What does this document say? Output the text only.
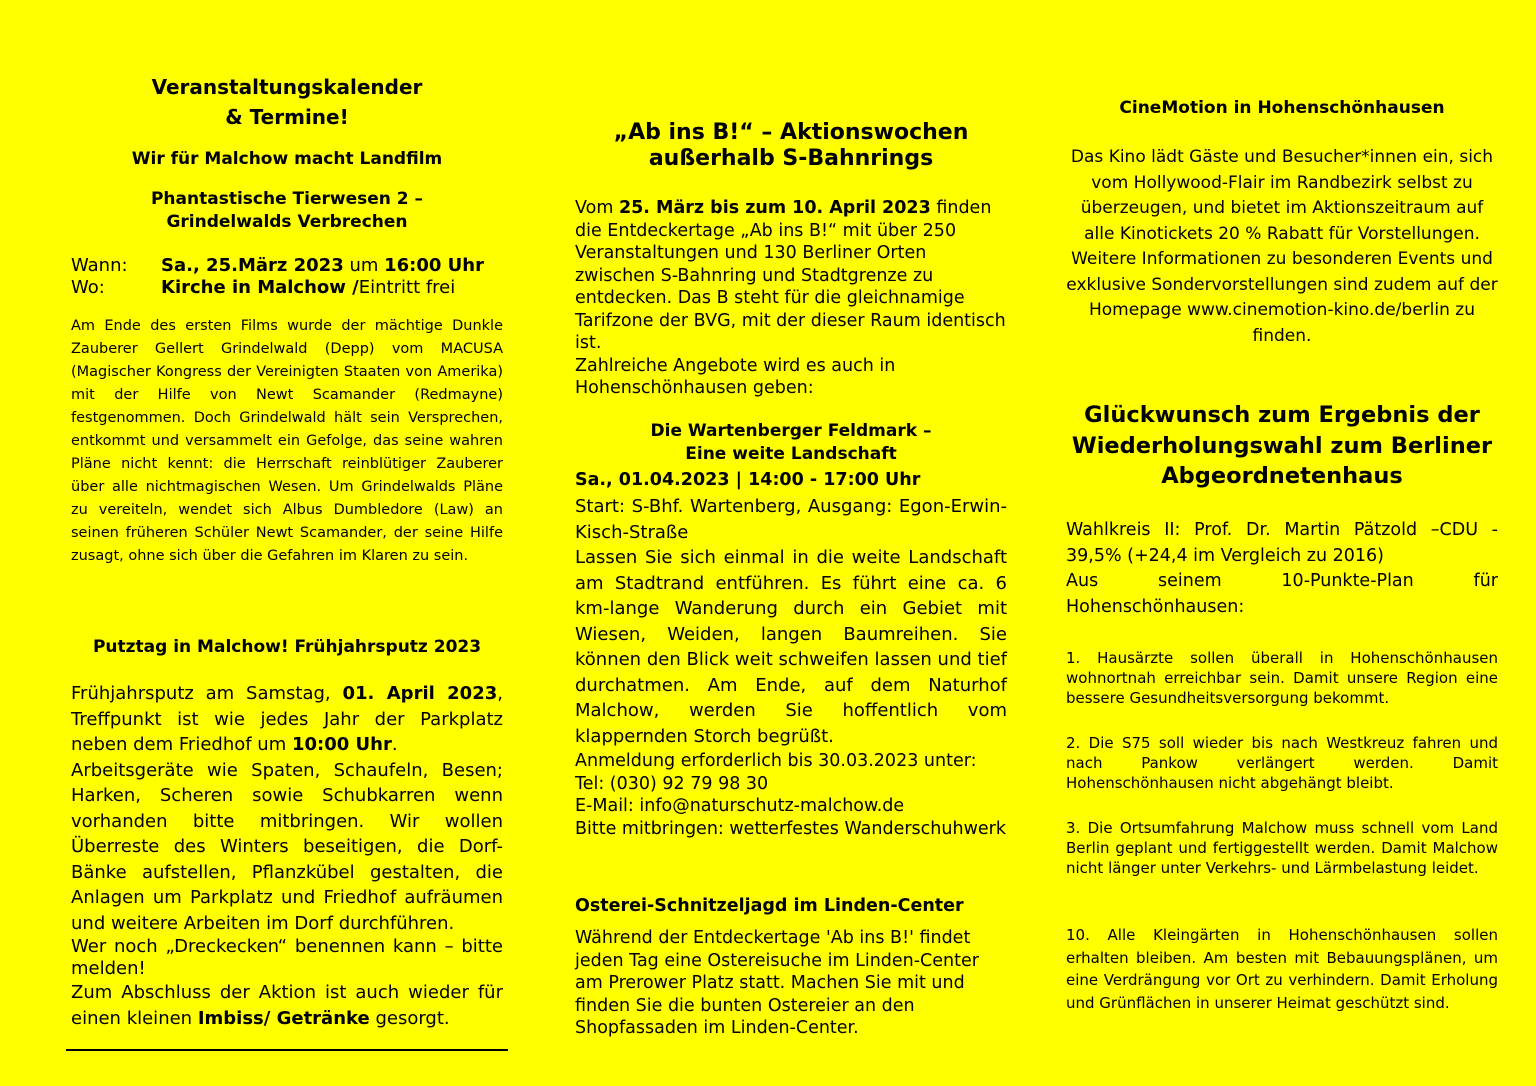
Veranstaltungskalender
& Termine!
Wir für Malchow macht Landfilm
Phantastische Tierwesen 2 –
Grindelwalds Verbrechen
Wann:	Sa., 25.März 2023 um 16:00 Uhr
Wo:	Kirche in Malchow /Eintritt frei

Am Ende des ersten Films wurde der mächtige Dunkle Zauberer Gellert Grindelwald (Depp) vom MACUSA (Magischer Kongress der Vereinigten Staaten von Amerika) mit der Hilfe von Newt Scamander (Redmayne) festgenommen. Doch Grindelwald hält sein Versprechen, entkommt und versammelt ein Gefolge, das seine wahren Pläne nicht kennt: die Herrschaft reinblütiger Zauberer über alle nichtmagischen Wesen. Um Grindelwalds Pläne zu vereiteln, wendet sich Albus Dumbledore (Law) an seinen früheren Schüler Newt Scamander, der seine Hilfe zusagt, ohne sich über die Gefahren im Klaren zu sein.

Putztag in Malchow! Frühjahrsputz 2023

Frühjahrsputz am Samstag, 01. April 2023, Treffpunkt ist wie jedes Jahr der Parkplatz neben dem Friedhof um 10:00 Uhr.

Arbeitsgeräte wie Spaten, Schaufeln, Besen; Harken, Scheren sowie Schubkarren wenn vorhanden bitte mitbringen. Wir wollen Überreste des Winters beseitigen, die Dorf-Bänke aufstellen, Pflanzkübel gestalten, die Anlagen um Parkplatz und Friedhof aufräumen und weitere Arbeiten im Dorf durchführen.

Wer noch „Dreckecken“ benennen kann – bitte melden!

Zum Abschluss der Aktion ist auch wieder für einen kleinen Imbiss/ Getränke gesorgt.

„Ab ins B!“ – Aktionswochen
außerhalb S-Bahnrings

Vom 25. März bis zum 10. April 2023 finden die Entdeckertage „Ab ins B!“ mit über 250 Veranstaltungen und 130 Berliner Orten zwischen S-Bahnring und Stadtgrenze zu entdecken. Das B steht für die gleichnamige Tarifzone der BVG, mit der dieser Raum identisch ist.

Zahlreiche Angebote wird es auch in Hohenschönhausen geben:

Die Wartenberger Feldmark –
Eine weite Landschaft
Sa., 01.04.2023 | 14:00 - 17:00 Uhr

Start: S-Bhf. Wartenberg, Ausgang: Egon-Erwin-Kisch-Straße

Lassen Sie sich einmal in die weite Landschaft am Stadtrand entführen. Es führt eine ca. 6 km-lange Wanderung durch ein Gebiet mit Wiesen, Weiden, langen Baumreihen. Sie können den Blick weit schweifen lassen und tief durchatmen. Am Ende, auf dem Naturhof Malchow, werden Sie hoffentlich vom klappernden Storch begrüßt.

Anmeldung erforderlich bis 30.03.2023 unter:

Tel: (030) 92 79 98 30

E-Mail: info@naturschutz-malchow.de

Bitte mitbringen: wetterfestes Wanderschuhwerk

Osterei-Schnitzeljagd im Linden-Center

Während der Entdeckertage 'Ab ins B!' findet jeden Tag eine Ostereisuche im Linden-Center am Prerower Platz statt. Machen Sie mit und finden Sie die bunten Ostereier an den Shopfassaden im Linden-Center.

CineMotion in Hohenschönhausen

Das Kino lädt Gäste und Besucher*innen ein, sich vom Hollywood-Flair im Randbezirk selbst zu überzeugen, und bietet im Aktionszeitraum auf alle Kinotickets 20 % Rabatt für Vorstellungen.

Weitere Informationen zu besonderen Events und exklusive Sondervorstellungen sind zudem auf der Homepage www.cinemotion-kino.de/berlin zu finden.

Glückwunsch zum Ergebnis der
Wiederholungswahl zum Berliner
Abgeordnetenhaus

Wahlkreis II: Prof. Dr. Martin Pätzold –CDU - 39,5% (+24,4 im Vergleich zu 2016)

Aus seinem 10-Punkte-Plan für Hohenschönhausen:

1. Hausärzte sollen überall in Hohenschönhausen wohnortnah erreichbar sein. Damit unsere Region eine bessere Gesundheitsversorgung bekommt.

2. Die S75 soll wieder bis nach Westkreuz fahren und nach Pankow verlängert werden. Damit Hohenschönhausen nicht abgehängt bleibt.

3. Die Ortsumfahrung Malchow muss schnell vom Land Berlin geplant und fertiggestellt werden. Damit Malchow nicht länger unter Verkehrs- und Lärmbelastung leidet.

10. Alle Kleingärten in Hohenschönhausen sollen erhalten bleiben. Am besten mit Bebauungsplänen, um eine Verdrängung vor Ort zu verhindern. Damit Erholung und Grünflächen in unserer Heimat geschützt sind.
